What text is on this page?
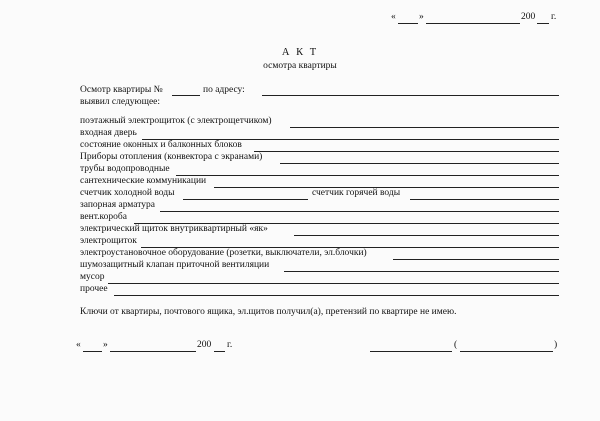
« »	200 г.
А К Т
осмотра квартиры
Осмотр квартиры №	по адресу:
выявил следующее:
поэтажный электрощиток (с электрощетчиком)
входная дверь
состояние оконных и балконных блоков
Приборы отопления (конвектора с экранами)
трубы водопроводные
сантехнические коммуникации
счетчик холодной воды	счетчик горячей воды
запорная арматура
вент.короба
электрический щиток внутриквартирный «як»
электрощиток
электроустановочное оборудование (розетки, выключатели, эл.блочки)
шумозащитный клапан приточной вентиляции
мусор
прочее
Ключи от квартиры, почтового ящика, эл.щитов получил(а), претензий по квартире не имею.
« »	200 г.	(	)
